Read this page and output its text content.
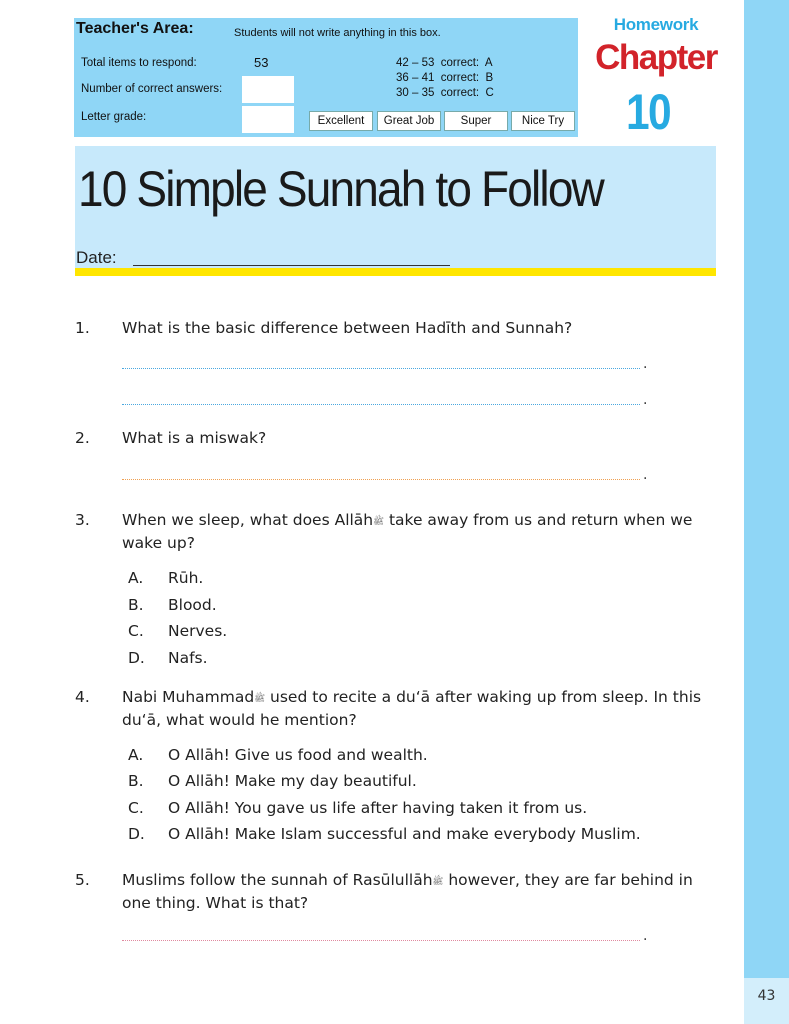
43
Teacher's Area:	Students will not write anything in this box.
Total items to respond:	53
Number of correct answers:
Letter grade:
42 – 53  correct:  A
36 – 41  correct:  B
30 – 35  correct:  C
Excellent	Great Job	Super	Nice Try
Homework
Chapter
10
10 Simple Sunnah to Follow
Date:
1. What is the basic difference between Hadīth and Sunnah?
.
.
2. What is a miswak?
.
3. When we sleep, what does Allāhﷺ take away from us and return when we
wake up?
A. Rūh.
B. Blood.
C. Nerves.
D. Nafs.
4. Nabi Muhammadﷺ used to recite a du‘ā after waking up from sleep. In this
du‘ā, what would he mention?
A. O Allāh! Give us food and wealth.
B. O Allāh! Make my day beautiful.
C. O Allāh! You gave us life after having taken it from us.
D. O Allāh! Make Islam successful and make everybody Muslim.
5. Muslims follow the sunnah of Rasūlullāhﷺ however, they are far behind in
one thing. What is that?
.
